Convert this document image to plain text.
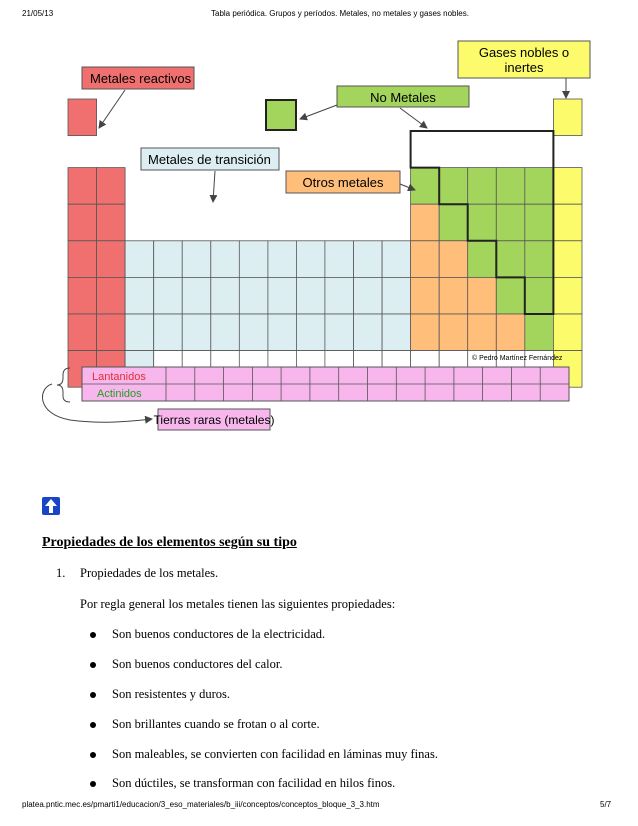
21/05/13	Tabla periódica. Grupos y períodos. Metales, no metales y gases nobles.
Metales reactivos
Gases nobles o
inertes
No Metales
Metales de transición
Otros metales
© Pedro Martínez Fernández
Lantanidos
Actinidos
Tierras raras (metales)
Propiedades de los elementos según su tipo
1. Propiedades de los metales.
Por regla general los metales tienen las siguientes propiedades:
Son buenos conductores de la electricidad.
Son buenos conductores del calor.
Son resistentes y duros.
Son brillantes cuando se frotan o al corte.
Son maleables, se convierten con facilidad en láminas muy finas.
Son dúctiles, se transforman con facilidad en hilos finos.
platea.pntic.mec.es/pmarti1/educacion/3_eso_materiales/b_iii/conceptos/conceptos_bloque_3_3.htm	5/7
